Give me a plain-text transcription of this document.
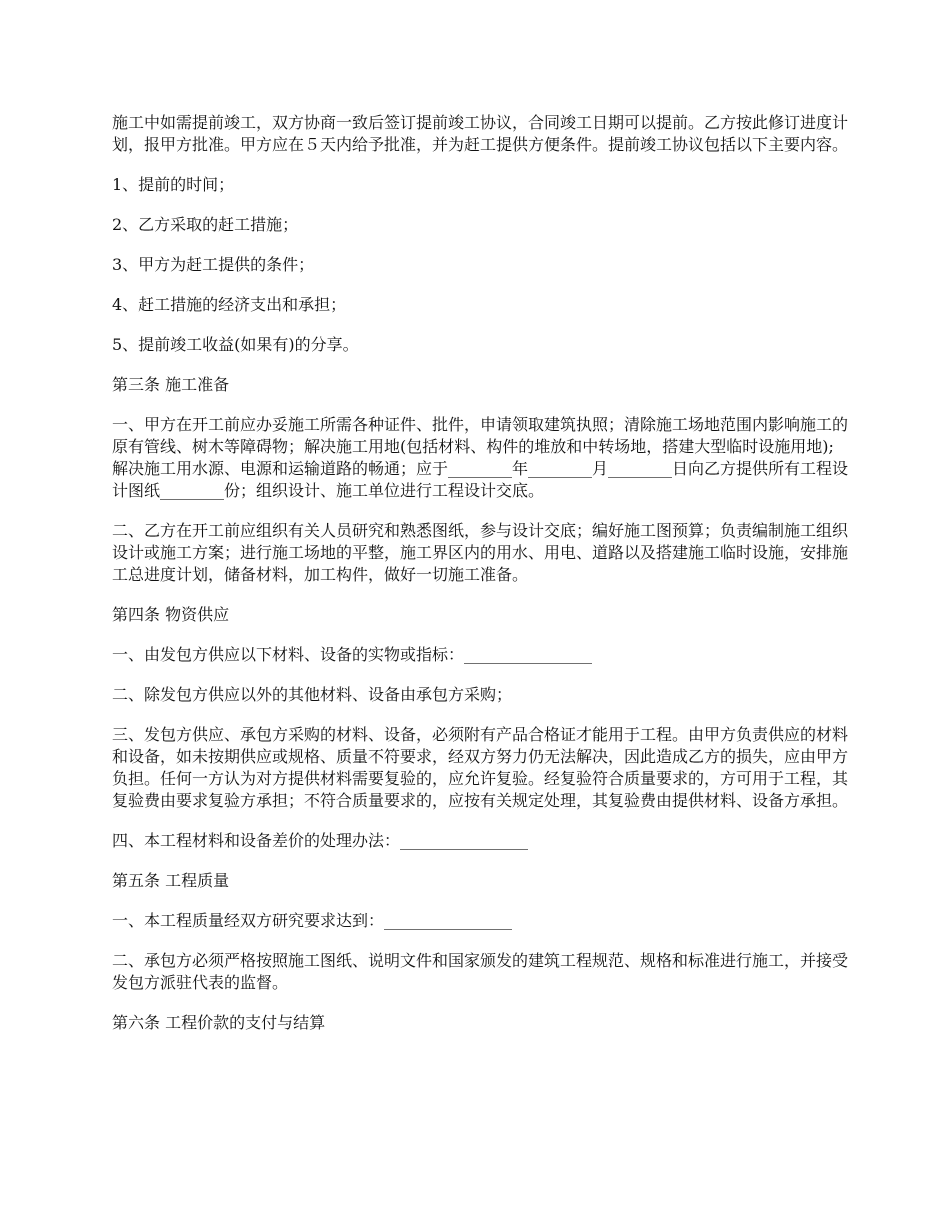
施工中如需提前竣工，双方协商一致后签订提前竣工协议，合同竣工日期可以提前。乙方按此修订进度计划，报甲方批准。甲方应在５天内给予批准，并为赶工提供方便条件。提前竣工协议包括以下主要内容。

1、提前的时间；

2、乙方采取的赶工措施；

3、甲方为赶工提供的条件；

4、赶工措施的经济支出和承担；

5、提前竣工收益(如果有)的分享。

第三条 施工准备

一、甲方在开工前应办妥施工所需各种证件、批件，申请领取建筑执照；清除施工场地范围内影响施工的原有管线、树木等障碍物；解决施工用地(包括材料、构件的堆放和中转场地，搭建大型临时设施用地);解决施工用水源、电源和运输道路的畅通；应于________年________月________日向乙方提供所有工程设计图纸________份；组织设计、施工单位进行工程设计交底。

二、乙方在开工前应组织有关人员研究和熟悉图纸，参与设计交底；编好施工图预算；负责编制施工组织设计或施工方案；进行施工场地的平整，施工界区内的用水、用电、道路以及搭建施工临时设施，安排施工总进度计划，储备材料，加工构件，做好一切施工准备。

第四条 物资供应

一、由发包方供应以下材料、设备的实物或指标：________________

二、除发包方供应以外的其他材料、设备由承包方采购；

三、发包方供应、承包方采购的材料、设备，必须附有产品合格证才能用于工程。由甲方负责供应的材料和设备，如未按期供应或规格、质量不符要求，经双方努力仍无法解决，因此造成乙方的损失，应由甲方负担。任何一方认为对方提供材料需要复验的，应允许复验。经复验符合质量要求的，方可用于工程，其复验费由要求复验方承担；不符合质量要求的，应按有关规定处理，其复验费由提供材料、设备方承担。

四、本工程材料和设备差价的处理办法：________________

第五条 工程质量

一、本工程质量经双方研究要求达到：________________

二、承包方必须严格按照施工图纸、说明文件和国家颁发的建筑工程规范、规格和标准进行施工，并接受发包方派驻代表的监督。

第六条 工程价款的支付与结算
